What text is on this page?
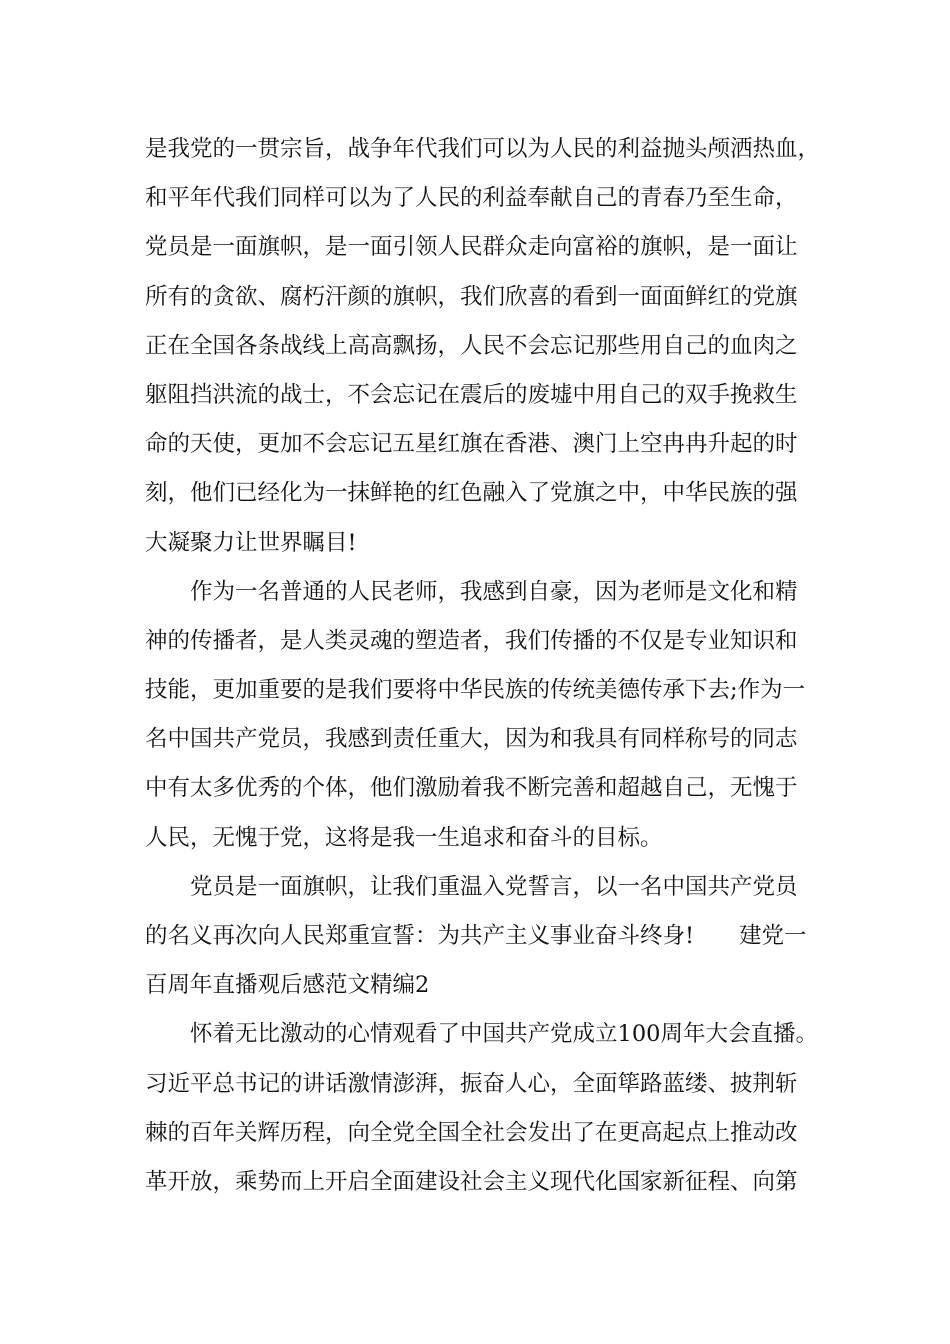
是我党的一贯宗旨，战争年代我们可以为人民的利益抛头颅洒热血，
和平年代我们同样可以为了人民的利益奉献自己的青春乃至生命，
党员是一面旗帜，是一面引领人民群众走向富裕的旗帜，是一面让
所有的贪欲、腐朽汗颜的旗帜，我们欣喜的看到一面面鲜红的党旗
正在全国各条战线上高高飘扬，人民不会忘记那些用自己的血肉之
躯阻挡洪流的战士，不会忘记在震后的废墟中用自己的双手挽救生
命的天使，更加不会忘记五星红旗在香港、澳门上空冉冉升起的时
刻，他们已经化为一抹鲜艳的红色融入了党旗之中，中华民族的强
大凝聚力让世界瞩目!
作为一名普通的人民老师，我感到自豪，因为老师是文化和精
神的传播者，是人类灵魂的塑造者，我们传播的不仅是专业知识和
技能，更加重要的是我们要将中华民族的传统美德传承下去;作为一
名中国共产党员，我感到责任重大，因为和我具有同样称号的同志
中有太多优秀的个体，他们激励着我不断完善和超越自己，无愧于
人民，无愧于党，这将是我一生追求和奋斗的目标。
党员是一面旗帜，让我们重温入党誓言，以一名中国共产党员
的名义再次向人民郑重宣誓：为共产主义事业奋斗终身!　　建党一
百周年直播观后感范文精编2
怀着无比激动的心情观看了中国共产党成立100周年大会直播。
习近平总书记的讲话激情澎湃，振奋人心，全面筚路蓝缕、披荆斩
棘的百年关辉历程，向全党全国全社会发出了在更高起点上推动改
革开放，乘势而上开启全面建设社会主义现代化国家新征程、向第
